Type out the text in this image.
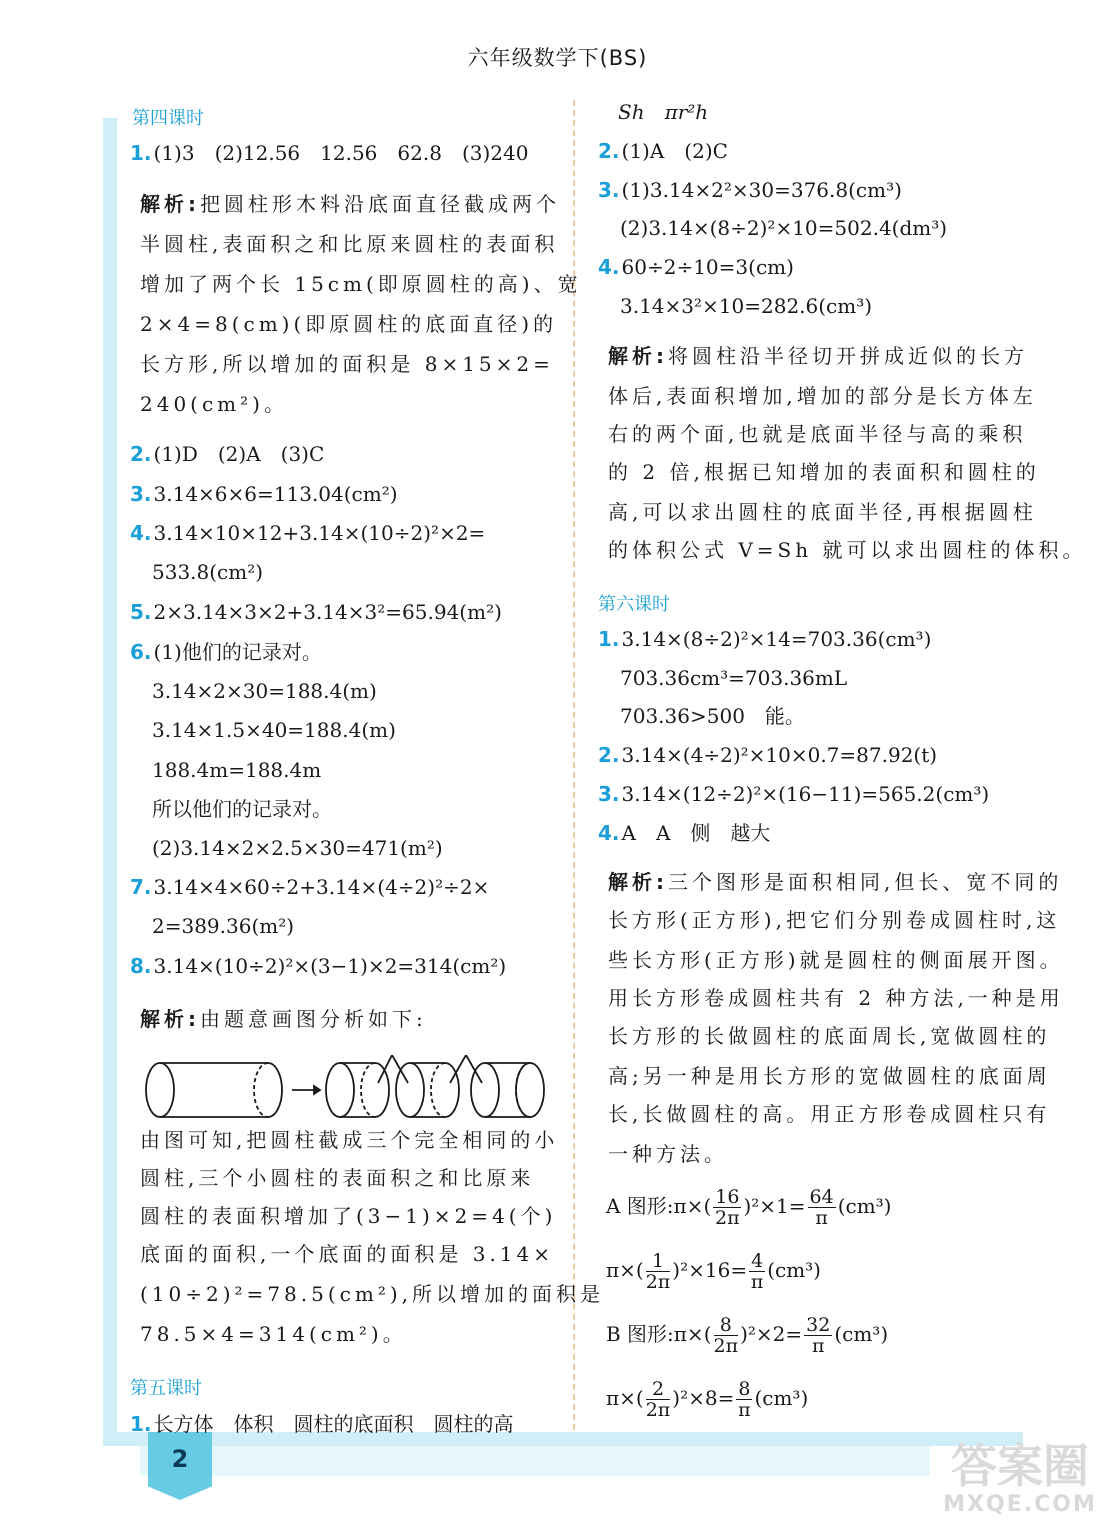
2
六年级数学下(BS)
第四课时
1. (1)3　(2)12.56　12.56　62.8　(3)240
解析:把圆柱形木料沿底面直径截成两个
半圆柱,表面积之和比原来圆柱的表面积
增加了两个长 15cm(即原圆柱的高)、宽
2×4=8(cm)(即原圆柱的底面直径)的
长方形,所以增加的面积是 8×15×2=
240(cm²)。
2. (1)D　(2)A　(3)C
3. 3.14×6×6=113.04(cm²)
4. 3.14×10×12+3.14×(10÷2)²×2=
533.8(cm²)
5. 2×3.14×3×2+3.14×3²=65.94(m²)
6. (1)他们的记录对。
3.14×2×30=188.4(m)
3.14×1.5×40=188.4(m)
188.4m=188.4m
所以他们的记录对。
(2)3.14×2×2.5×30=471(m²)
7. 3.14×4×60÷2+3.14×(4÷2)²÷2×
2=389.36(m²)
8. 3.14×(10÷2)²×(3−1)×2=314(cm²)
解析:由题意画图分析如下:
由图可知,把圆柱截成三个完全相同的小
圆柱,三个小圆柱的表面积之和比原来
圆柱的表面积增加了(3−1)×2=4(个)
底面的面积,一个底面的面积是 3.14×
(10÷2)²=78.5(cm²),所以增加的面积是
78.5×4=314(cm²)。
第五课时
1. 长方体　体积　圆柱的底面积　圆柱的高
Sh　πr²h
2. (1)A　(2)C
3. (1)3.14×2²×30=376.8(cm³)
(2)3.14×(8÷2)²×10=502.4(dm³)
4. 60÷2÷10=3(cm)
3.14×3²×10=282.6(cm³)
解析:将圆柱沿半径切开拼成近似的长方
体后,表面积增加,增加的部分是长方体左
右的两个面,也就是底面半径与高的乘积
的 2 倍,根据已知增加的表面积和圆柱的
高,可以求出圆柱的底面半径,再根据圆柱
的体积公式 V=Sh 就可以求出圆柱的体积。
第六课时
1. 3.14×(8÷2)²×14=703.36(cm³)
703.36cm³=703.36mL
703.36>500　能。
2. 3.14×(4÷2)²×10×0.7=87.92(t)
3. 3.14×(12÷2)²×(16−11)=565.2(cm³)
4. A　A　侧　越大
解析:三个图形是面积相同,但长、宽不同的
长方形(正方形),把它们分别卷成圆柱时,这
些长方形(正方形)就是圆柱的侧面展开图。
用长方形卷成圆柱共有 2 种方法,一种是用
长方形的长做圆柱的底面周长,宽做圆柱的
高;另一种是用长方形的宽做圆柱的底面周
长,长做圆柱的高。用正方形卷成圆柱只有
一种方法。
A 图形:π×( $\frac{16}{2\pi} )^2\times 1= \frac{64}{\pi} (cm^3)$
$\pi\times( \frac{1}{2\pi} )^2\times 16= \frac{4}{\pi} (cm^3)$
B 图形:π×( $\frac{8}{2\pi} )^2\times 2= \frac{32}{\pi} (cm^3)$
$\pi\times( \frac{2}{2\pi} )^2\times 8= \frac{8}{\pi} (cm^3)$
答案圈
MXQE.COM
